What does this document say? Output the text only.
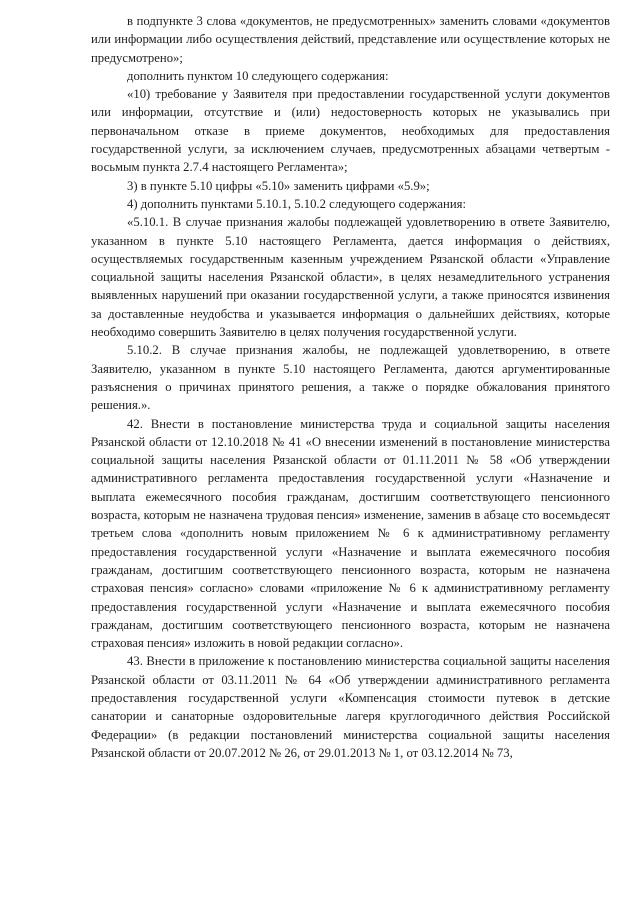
в подпункте 3 слова «документов, не предусмотренных» заменить словами «документов или информации либо осуществления действий, представление или осуществление которых не предусмотрено»;

дополнить пунктом 10 следующего содержания:

«10) требование у Заявителя при предоставлении государственной услуги документов или информации, отсутствие и (или) недостоверность которых не указывались при первоначальном отказе в приеме документов, необходимых для предоставления государственной услуги, за исключением случаев, предусмотренных абзацами четвертым - восьмым пункта 2.7.4 настоящего Регламента»;

3) в пункте 5.10 цифры «5.10» заменить цифрами «5.9»;

4) дополнить пунктами 5.10.1, 5.10.2 следующего содержания:

«5.10.1. В случае признания жалобы подлежащей удовлетворению в ответе Заявителю, указанном в пункте 5.10 настоящего Регламента, дается информация о действиях, осуществляемых государственным казенным учреждением Рязанской области «Управление социальной защиты населения Рязанской области», в целях незамедлительного устранения выявленных нарушений при оказании государственной услуги, а также приносятся извинения за доставленные неудобства и указывается информация о дальнейших действиях, которые необходимо совершить Заявителю в целях получения государственной услуги.

5.10.2. В случае признания жалобы, не подлежащей удовлетворению, в ответе Заявителю, указанном в пункте 5.10 настоящего Регламента, даются аргументированные разъяснения о причинах принятого решения, а также о порядке обжалования принятого решения.».

42. Внести в постановление министерства труда и социальной защиты населения Рязанской области от 12.10.2018 № 41 «О внесении изменений в постановление министерства социальной защиты населения Рязанской области от 01.11.2011 № 58 «Об утверждении административного регламента предоставления государственной услуги «Назначение и выплата ежемесячного пособия гражданам, достигшим соответствующего пенсионного возраста, которым не назначена трудовая пенсия» изменение, заменив в абзаце сто восемьдесят третьем слова «дополнить новым приложением № 6 к административному регламенту предоставления государственной услуги «Назначение и выплата ежемесячного пособия гражданам, достигшим соответствующего пенсионного возраста, которым не назначена страховая пенсия» согласно» словами «приложение № 6 к административному регламенту предоставления государственной услуги «Назначение и выплата ежемесячного пособия гражданам, достигшим соответствующего пенсионного возраста, которым не назначена страховая пенсия» изложить в новой редакции согласно».

43. Внести в приложение к постановлению министерства социальной защиты населения Рязанской области от 03.11.2011 № 64 «Об утверждении административного регламента предоставления государственной услуги «Компенсация стоимости путевок в детские санатории и санаторные оздоровительные лагеря круглогодичного действия Российской Федерации» (в редакции постановлений министерства социальной защиты населения Рязанской области от 20.07.2012 № 26, от 29.01.2013 № 1, от 03.12.2014 № 73,
